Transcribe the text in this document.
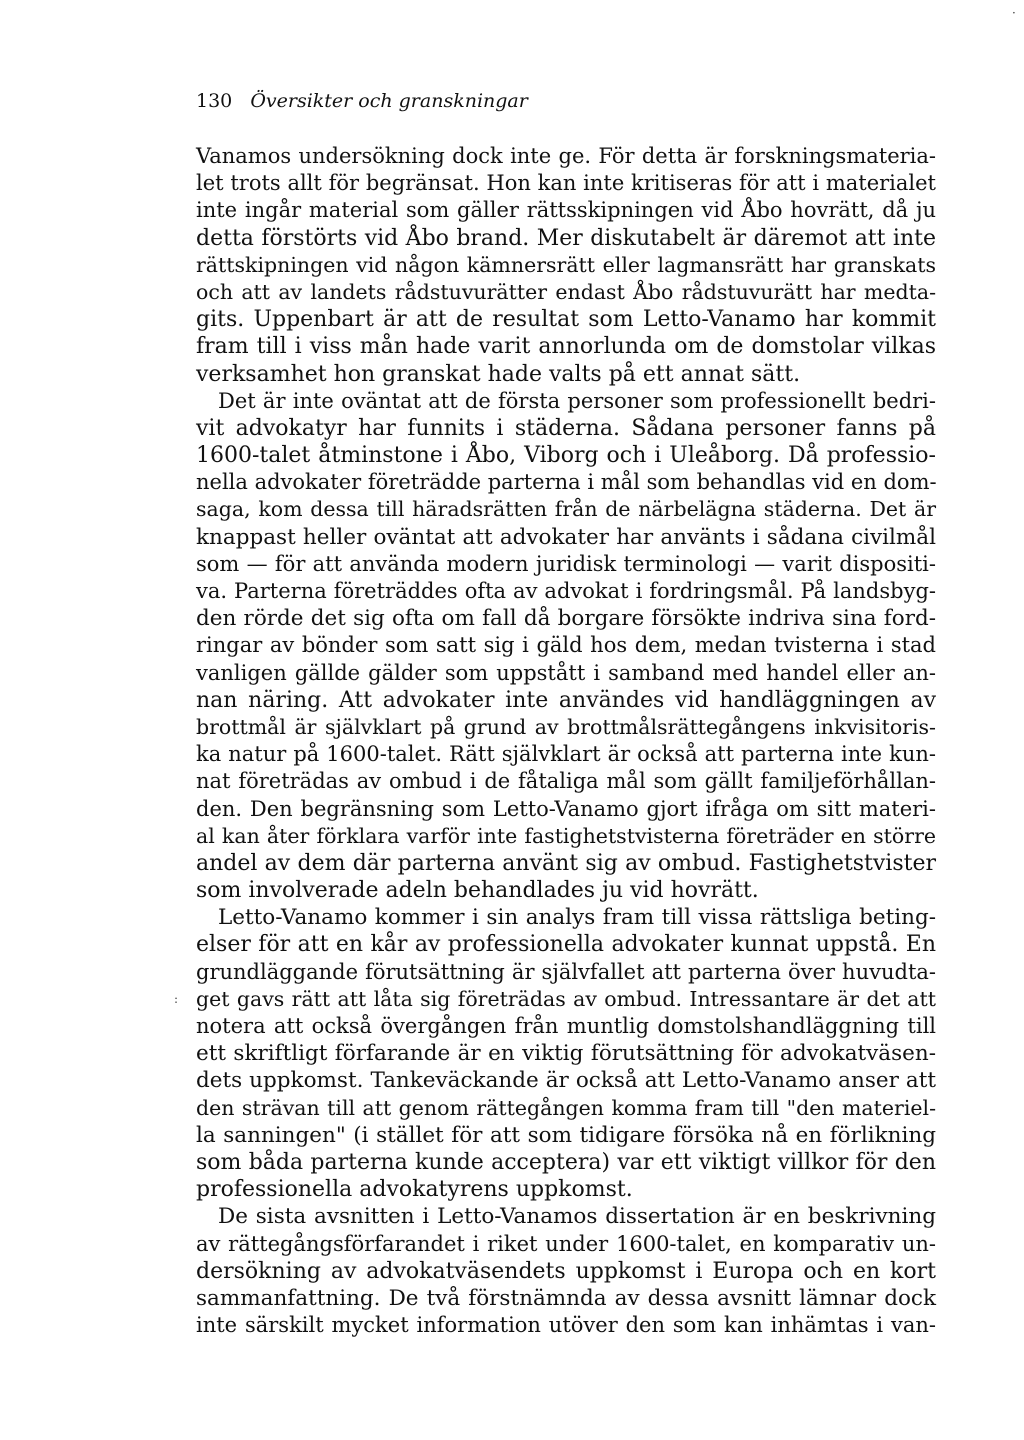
130 Översikter och granskningar
Vanamos undersökning dock inte ge. För detta är forskningsmateria-
let trots allt för begränsat. Hon kan inte kritiseras för att i materialet
inte ingår material som gäller rättsskipningen vid Åbo hovrätt, då ju
detta förstörts vid Åbo brand. Mer diskutabelt är däremot att inte
rättskipningen vid någon kämnersrätt eller lagmansrätt har granskats
och att av landets rådstuvurätter endast Åbo rådstuvurätt har medta-
gits. Uppenbart är att de resultat som Letto-Vanamo har kommit
fram till i viss mån hade varit annorlunda om de domstolar vilkas
verksamhet hon granskat hade valts på ett annat sätt.
Det är inte oväntat att de första personer som professionellt bedri-
vit advokatyr har funnits i städerna. Sådana personer fanns på
1600-talet åtminstone i Åbo, Viborg och i Uleåborg. Då professio-
nella advokater företrädde parterna i mål som behandlas vid en dom-
saga, kom dessa till häradsrätten från de närbelägna städerna. Det är
knappast heller oväntat att advokater har använts i sådana civilmål
som — för att använda modern juridisk terminologi — varit dispositi-
va. Parterna företräddes ofta av advokat i fordringsmål. På landsbyg-
den rörde det sig ofta om fall då borgare försökte indriva sina ford-
ringar av bönder som satt sig i gäld hos dem, medan tvisterna i stad
vanligen gällde gälder som uppstått i samband med handel eller an-
nan näring. Att advokater inte användes vid handläggningen av
brottmål är självklart på grund av brottmålsrättegångens inkvisitoris-
ka natur på 1600-talet. Rätt självklart är också att parterna inte kun-
nat företrädas av ombud i de fåtaliga mål som gällt familjeförhållan-
den. Den begränsning som Letto-Vanamo gjort ifråga om sitt materi-
al kan åter förklara varför inte fastighetstvisterna företräder en större
andel av dem där parterna använt sig av ombud. Fastighetstvister
som involverade adeln behandlades ju vid hovrätt.
Letto-Vanamo kommer i sin analys fram till vissa rättsliga beting-
elser för att en kår av professionella advokater kunnat uppstå. En
grundläggande förutsättning är självfallet att parterna över huvudta-
get gavs rätt att låta sig företrädas av ombud. Intressantare är det att
notera att också övergången från muntlig domstolshandläggning till
ett skriftligt förfarande är en viktig förutsättning för advokatväsen-
dets uppkomst. Tankeväckande är också att Letto-Vanamo anser att
den strävan till att genom rättegången komma fram till "den materiel-
la sanningen" (i stället för att som tidigare försöka nå en förlikning
som båda parterna kunde acceptera) var ett viktigt villkor för den
professionella advokatyrens uppkomst.
De sista avsnitten i Letto-Vanamos dissertation är en beskrivning
av rättegångsförfarandet i riket under 1600-talet, en komparativ un-
dersökning av advokatväsendets uppkomst i Europa och en kort
sammanfattning. De två förstnämnda av dessa avsnitt lämnar dock
inte särskilt mycket information utöver den som kan inhämtas i van-
:
·
